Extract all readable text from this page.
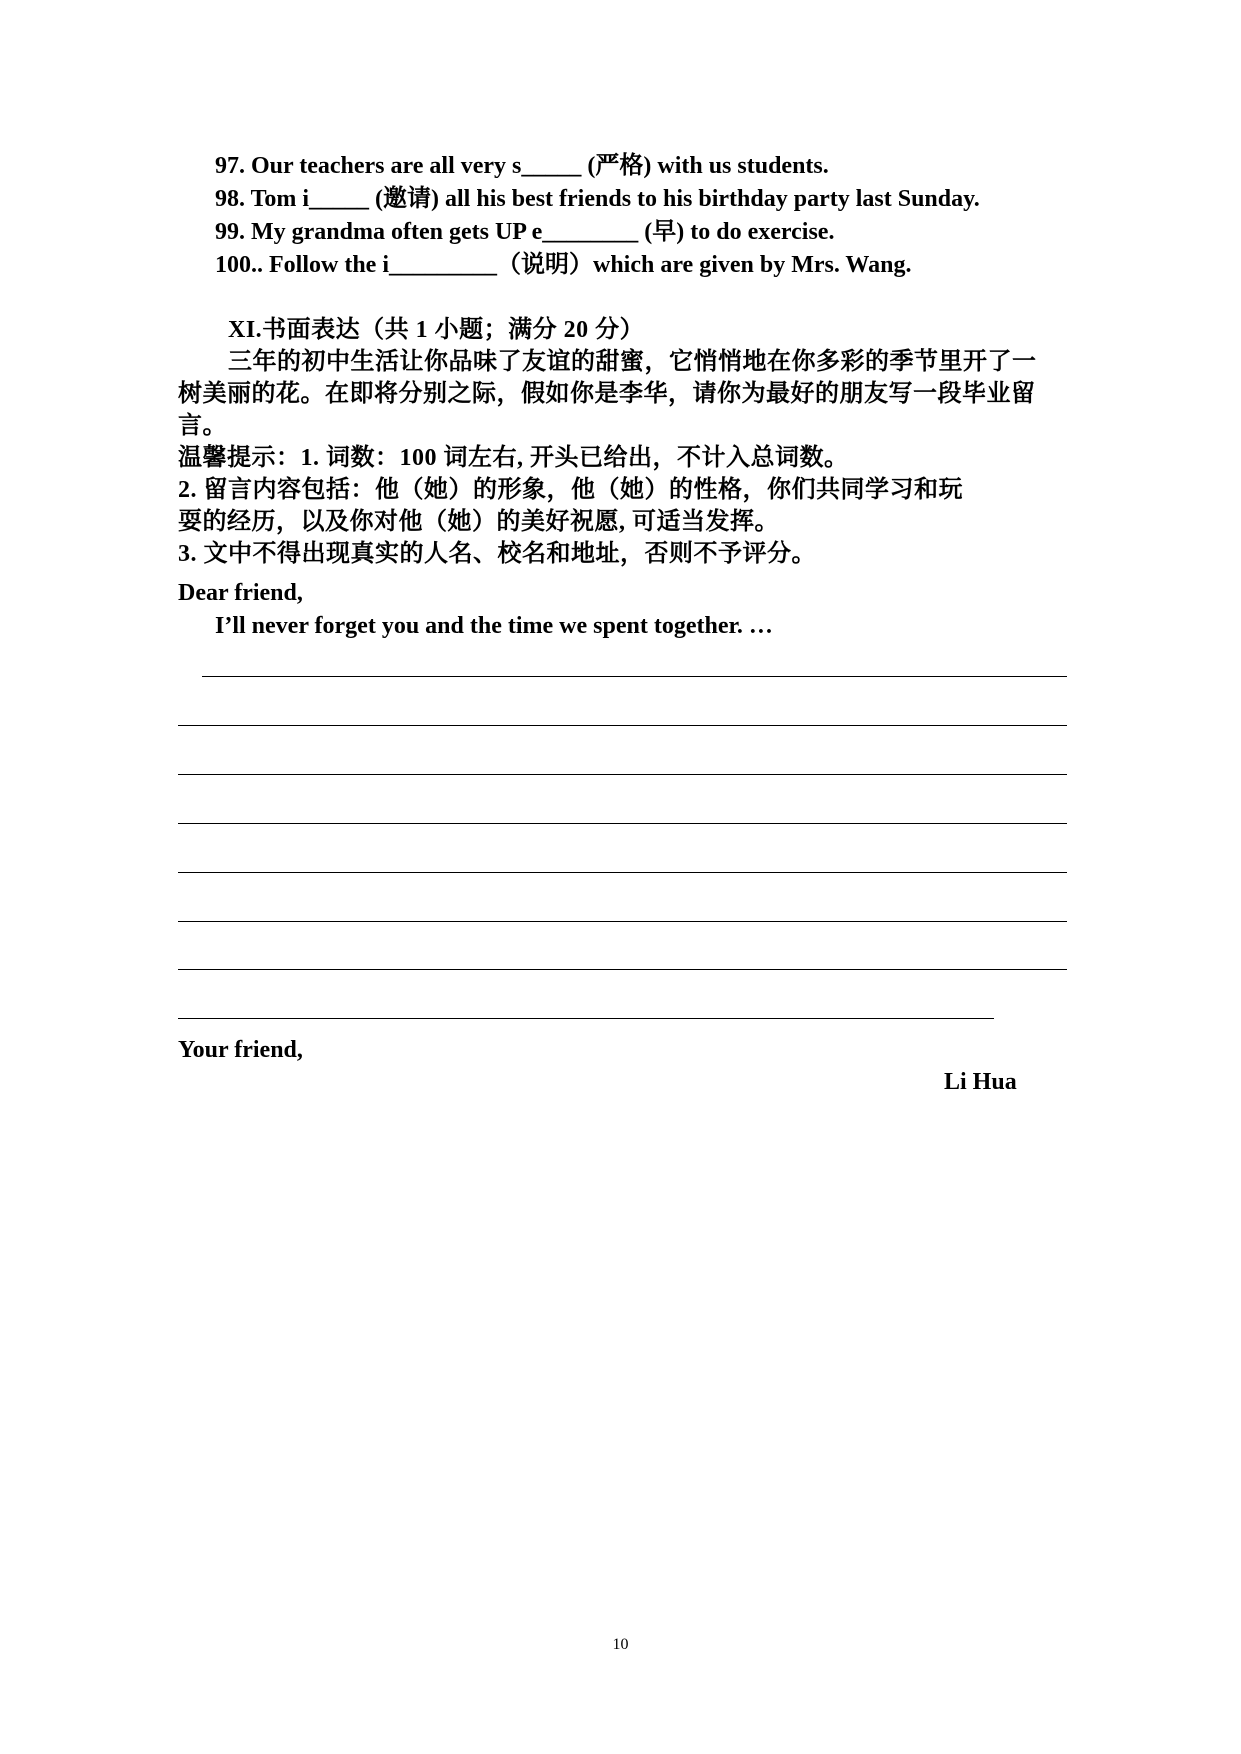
97. Our teachers are all very s_____ (严格) with us students.
98. Tom i_____ (邀请) all his best friends to his birthday party last Sunday.
99. My grandma often gets UP e________ (早) to do exercise.
100.. Follow the i_________（说明）which are given by Mrs. Wang.
XI.书面表达（共 1 小题；满分 20 分）
三年的初中生活让你品味了友谊的甜蜜，它悄悄地在你多彩的季节里开了一
树美丽的花。在即将分别之际，假如你是李华，请你为最好的朋友写一段毕业留
言。
温馨提示：1. 词数：100 词左右, 开头已给出，不计入总词数。
2. 留言内容包括：他（她）的形象，他（她）的性格，你们共同学习和玩
耍的经历，以及你对他（她）的美好祝愿, 可适当发挥。
3. 文中不得出现真实的人名、校名和地址，否则不予评分。
Dear friend,
I’ll never forget you and the time we spent together. …
Your friend,
Li Hua
10
